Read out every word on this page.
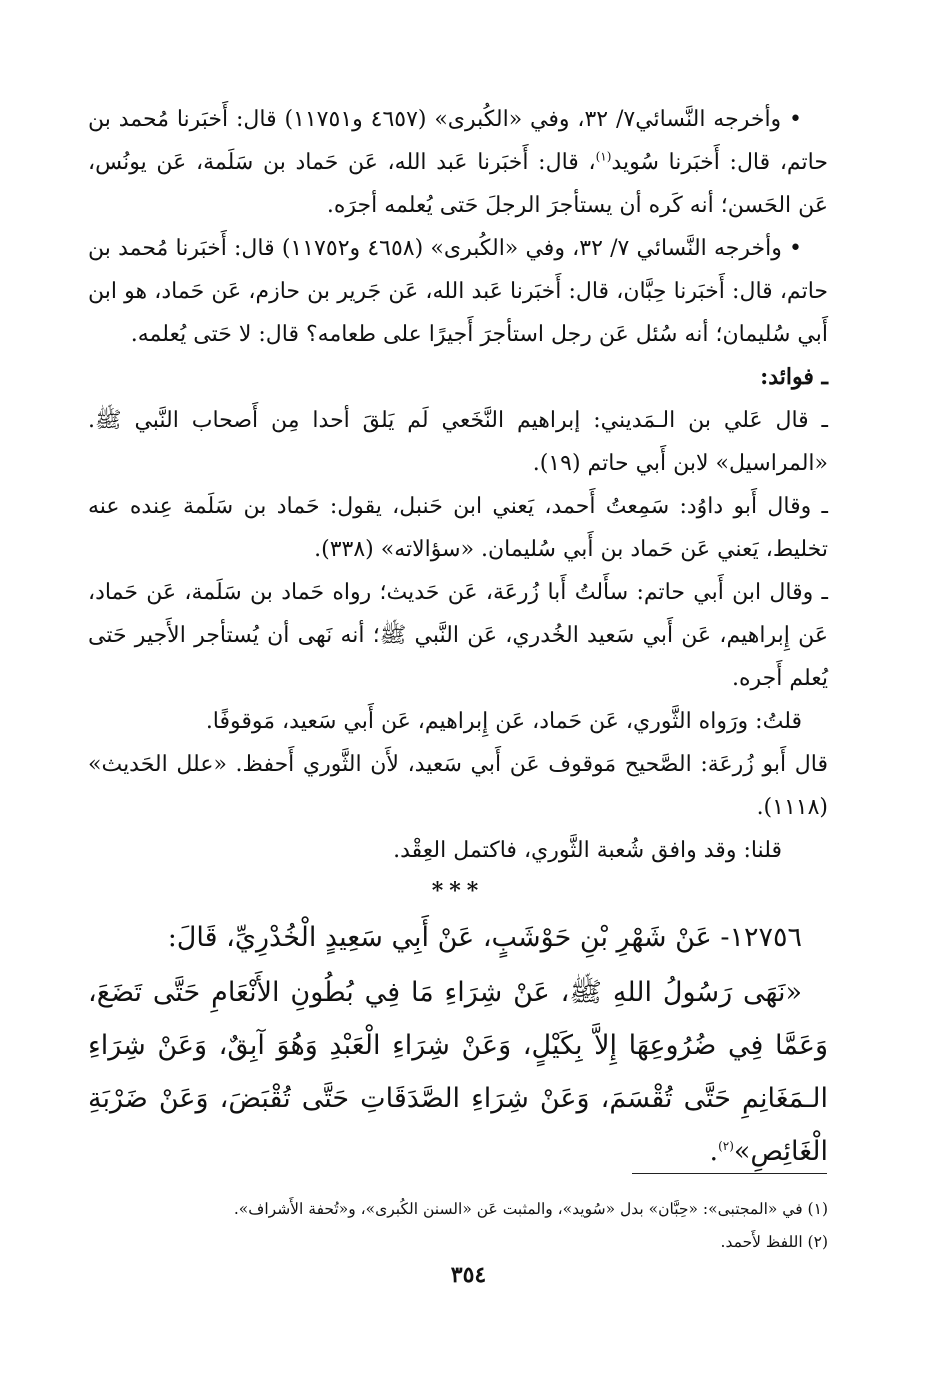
• وأخرجه النَّسائي٧/ ٣٢، وفي «الكُبرى» (٤٦٥٧ و١١٧٥١) قال: أَخبَرنا مُحمد بن حاتم، قال: أَخبَرنا سُويد$^{(١)}$، قال: أَخبَرنا عَبد الله، عَن حَماد بن سَلَمة، عَن يونُس، عَن الحَسن؛ أنه كَره أن يستأجرَ الرجلَ حَتى يُعلمه أجرَه.

• وأخرجه النَّسائي ٧/ ٣٢، وفي «الكُبرى» (٤٦٥٨ و١١٧٥٢) قال: أَخبَرنا مُحمد بن حاتم، قال: أَخبَرنا حِبَّان، قال: أَخبَرنا عَبد الله، عَن جَرير بن حازم، عَن حَماد، هو ابن أَبي سُليمان؛ أنه سُئل عَن رجل استأجرَ أَجيرًا على طعامه؟ قال: لا حَتى يُعلمه.

ـ فوائد:

ـ قال عَلي بن الـمَديني: إبراهيم النَّخَعي لَم يَلقَ أحدا مِن أَصحاب النَّبي ﷺ. «المراسيل» لابن أَبي حاتم (١٩).

ـ وقال أَبو داوُد: سَمِعتُ أَحمد، يَعني ابن حَنبل، يقول: حَماد بن سَلَمة عِنده عنه تخليط، يَعني عَن حَماد بن أَبي سُليمان. «سؤالاته» (٣٣٨).

ـ وقال ابن أَبي حاتم: سأَلتُ أَبا زُرعَة، عَن حَديث؛ رواه حَماد بن سَلَمة، عَن حَماد، عَن إِبراهيم، عَن أَبي سَعيد الخُدري، عَن النَّبي ﷺ؛ أنه نَهى أن يُستأجر الأَجير حَتى يُعلم أَجره.

قلتُ: ورَواه الثَّوري، عَن حَماد، عَن إِبراهيم، عَن أَبي سَعيد، مَوقوفًا.

قال أَبو زُرعَة: الصَّحيح مَوقوف عَن أَبي سَعيد، لأَن الثَّوري أَحفظ. «علل الحَديث» (١١١٨).

قلنا: وقد وافق شُعبة الثَّوري، فاكتمل العِقْد.

***

١٢٧٥٦- عَنْ شَهْرِ بْنِ حَوْشَبٍ، عَنْ أَبِي سَعِيدٍ الْخُدْرِيِّ، قَالَ:

«نَهَى رَسُولُ اللهِ ﷺ، عَنْ شِرَاءِ مَا فِي بُطُونِ الأَنْعَامِ حَتَّى تَضَعَ، وَعَمَّا فِي ضُرُوعِهَا إِلاَّ بِكَيْلٍ، وَعَنْ شِرَاءِ الْعَبْدِ وَهُوَ آبِقٌ، وَعَنْ شِرَاءِ الـمَغَانِمِ حَتَّى تُقْسَمَ، وَعَنْ شِرَاءِ الصَّدَقَاتِ حَتَّى تُقْبَضَ، وَعَنْ ضَرْبَةِ الْغَائِصِ»$^{(٢)}$.

(١) في «المجتبى»: «حِبَّان» بدل «سُويد»، والمثبت عَن «السنن الكُبرى»، و«تُحفة الأَشراف».

(٢) اللفظ لأَحمد.

٣٥٤
